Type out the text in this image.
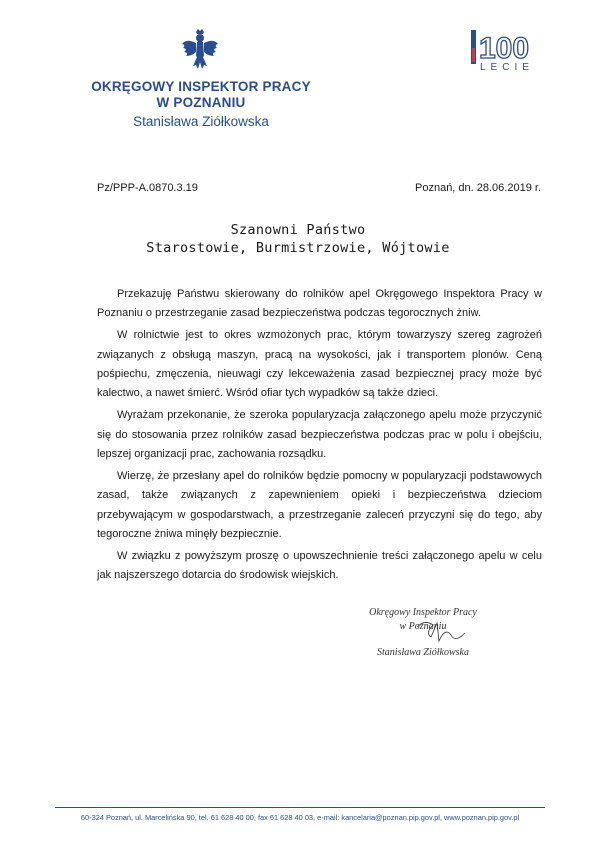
OKRĘGOWY INSPEKTOR PRACY
W POZNANIU
Stanisława Ziółkowska
100
LECIE
Pz/PPP-A.0870.3.19	Poznań, dn. 28.06.2019 r.
Szanowni Państwo
Starostowie, Burmistrzowie, Wójtowie

Przekazuję Państwu skierowany do rolników apel Okręgowego Inspektora Pracy w Poznaniu o przestrzeganie zasad bezpieczeństwa podczas tegorocznych żniw.

W rolnictwie jest to okres wzmożonych prac, którym towarzyszy szereg zagrożeń związanych z obsługą maszyn, pracą na wysokości, jak i transportem plonów. Ceną pośpiechu, zmęczenia, nieuwagi czy lekceważenia zasad bezpiecznej pracy może być kalectwo, a nawet śmierć. Wśród ofiar tych wypadków są także dzieci.

Wyrażam przekonanie, że szeroka popularyzacja załączonego apelu może przyczynić się do stosowania przez rolników zasad bezpieczeństwa podczas prac w polu i obejściu, lepszej organizacji prac, zachowania rozsądku.

Wierzę, że przesłany apel do rolników będzie pomocny w popularyzacji podstawowych zasad, także związanych z zapewnieniem opieki i bezpieczeństwa dzieciom przebywającym w gospodarstwach, a przestrzeganie zaleceń przyczyni się do tego, aby tegoroczne żniwa minęły bezpiecznie.

W związku z powyższym proszę o upowszechnienie treści załączonego apelu w celu jak najszerszego dotarcia do środowisk wiejskich.

Okręgowy Inspektor Pracy
w Poznaniu
Stanisława Ziółkowska
60-324 Poznań, ul. Marcelińska 90, tel. 61 628 40 00, fax 61 628 40 03, e-mail: kancelaria@poznan.pip.gov.pl, www.poznan.pip.gov.pl
